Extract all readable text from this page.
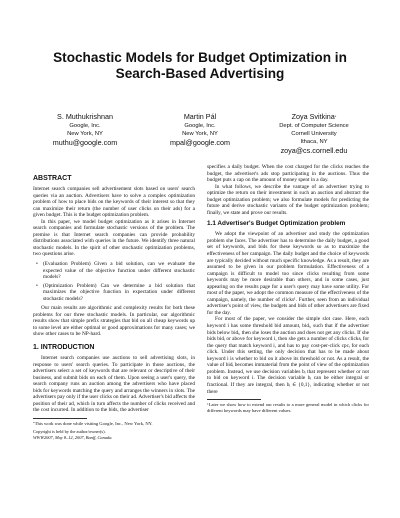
Stochastic Models for Budget Optimization in
Search-Based Advertising
S. Muthukrishnan
Google, Inc.
New York, NY
muthu@google.com
Martin Pál
Google, Inc.
New York, NY
mpal@google.com
Zoya Svitkina*
Dept. of Computer Science
Cornell University
Ithaca, NY
zoya@cs.cornell.edu
ABSTRACT

Internet search companies sell advertisement slots based on users' search queries via an auction. Advertisers have to solve a complex optimization problem of how to place bids on the keywords of their interest so that they can maximize their return (the number of user clicks on their ads) for a given budget. This is the budget optimization problem.

In this paper, we model budget optimization as it arises in Internet search companies and formulate stochastic versions of the problem. The premise is that Internet search companies can provide probability distributions associated with queries in the future. We identify three natural stochastic models. In the spirit of other stochastic optimization problems, two questions arise.

• (Evaluation Problem) Given a bid solution, can we evaluate the expected value of the objective function under different stochastic models?
• (Optimization Problem) Can we determine a bid solution that maximizes the objective function in expectation under different stochastic models?

Our main results are algorithmic and complexity results for both these problems for our three stochastic models. In particular, our algorithmic results show that simple prefix strategies that bid on all cheap keywords up to some level are either optimal or good approximations for many cases; we show other cases to be NP-hard.

1. INTRODUCTION

Internet search companies use auctions to sell advertising slots, in response to users' search queries. To participate in those auctions, the advertisers select a set of keywords that are relevant or descriptive of their business, and submit bids on each of them. Upon seeing a user's query, the search company runs an auction among the advertisers who have placed bids for keywords matching the query and arranges the winners in slots. The advertisers pay only if the user clicks on their ad. Advertiser's bid affects the position of their ad, which in turn affects the number of clicks received and the cost incurred. In addition to the bids, the advertiser

*This work was done while visiting Google, Inc., New York, NY.

Copyright is held by the author/owner(s).
WWW2007, May 8–12, 2007, Banff, Canada.

specifies a daily budget. When the cost charged for the clicks reaches the budget, the advertiser's ads stop participating in the auctions. Thus the budget puts a cap on the amount of money spent in a day.

In what follows, we describe the vantage of an advertiser trying to optimize the return on their investment in such an auction and abstract the budget optimization problem; we also formulate models for predicting the future and derive stochastic variants of the budget optimization problem; finally, we state and prove our results.

1.1 Advertiser's Budget Optimization problem

We adopt the viewpoint of an advertiser and study the optimization problem she faces. The advertiser has to determine the daily budget, a good set of keywords, and bids for these keywords so as to maximize the effectiveness of her campaign. The daily budget and the choice of keywords are typically decided without much specific knowledge. As a result, they are assumed to be given in our problem formulation. Effectiveness of a campaign is difficult to model too since clicks resulting from some keywords may be more desirable than others, and in some cases, just appearing on the results page for a user's query may have some utility. For most of the paper, we adopt the common measure of the effectiveness of the campaign, namely, the number of clicks¹. Further, seen from an individual advertiser's point of view, the budgets and bids of other advertisers are fixed for the day.

For most of the paper, we consider the simple slot case. Here, each keyword i has some threshold bid amount, bidᵢ, such that if the advertiser bids below bidᵢ, then she loses the auction and does not get any clicks. If she bids bidᵢ or above for keyword i, then she gets a number of clicks clicksᵢ for the query that match keyword i, and has to pay cost-per-click cpcᵢ for each click. Under this setting, the only decision that has to be made about keyword i is whether to bid on it above its threshold or not. As a result, the value of bidᵢ becomes immaterial from the point of view of the optimization problem. Instead, we use decision variables bᵢ that represent whether or not to bid on keyword i. The decision variable bᵢ can be either integral or fractional. If they are integral, then bᵢ ∈ {0,1}, indicating whether or not there

$^1$Later we show how to extend our results to a more general model in which clicks for different keywords may have different values.
